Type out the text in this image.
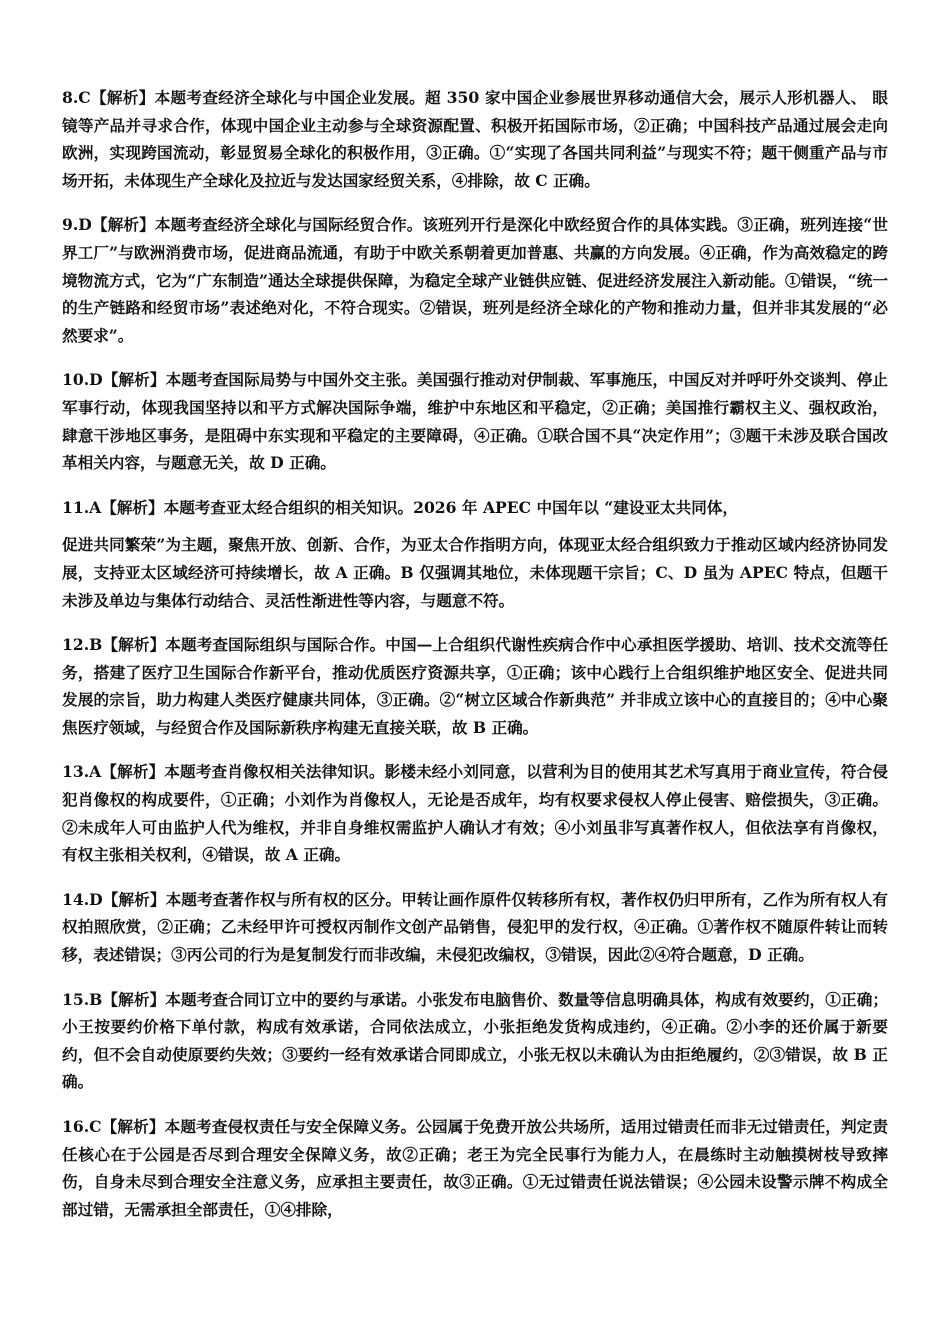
8.C【解析】本题考查经济全球化与中国企业发展。超 350 家中国企业参展世界移动通信大会，展示人形机器人、 眼镜等产品并寻求合作，体现中国企业主动参与全球资源配置、积极开拓国际市场，②正确；中国科技产品通过展会走向欧洲，实现跨国流动，彰显贸易全球化的积极作用，③正确。①“实现了各国共同利益”与现实不符；题干侧重产品与市场开拓，未体现生产全球化及拉近与发达国家经贸关系，④排除，故 C 正确。

9.D【解析】本题考查经济全球化与国际经贸合作。该班列开行是深化中欧经贸合作的具体实践。③正确，班列连接“世界工厂”与欧洲消费市场，促进商品流通，有助于中欧关系朝着更加普惠、共赢的方向发展。④正确，作为高效稳定的跨境物流方式，它为“广东制造”通达全球提供保障，为稳定全球产业链供应链、促进经济发展注入新动能。①错误，“统一的生产链路和经贸市场”表述绝对化，不符合现实。②错误，班列是经济全球化的产物和推动力量，但并非其发展的“必然要求”。

10.D【解析】本题考查国际局势与中国外交主张。美国强行推动对伊制裁、军事施压，中国反对并呼吁外交谈判、停止军事行动，体现我国坚持以和平方式解决国际争端，维护中东地区和平稳定，②正确；美国推行霸权主义、强权政治， 肆意干涉地区事务，是阻碍中东实现和平稳定的主要障碍，④正确。①联合国不具“决定作用”；③题干未涉及联合国改革相关内容，与题意无关，故 D 正确。

11.A【解析】本题考查亚太经合组织的相关知识。2026 年 APEC 中国年以 “建设亚太共同体，

促进共同繁荣”为主题，聚焦开放、创新、合作，为亚太合作指明方向，体现亚太经合组织致力于推动区域内经济协同发展，支持亚太区域经济可持续增长，故 A 正确。B 仅强调其地位，未体现题干宗旨；C、D 虽为 APEC 特点，但题干未涉及单边与集体行动结合、灵活性渐进性等内容，与题意不符。

12.B【解析】本题考查国际组织与国际合作。中国—上合组织代谢性疾病合作中心承担医学援助、培训、技术交流等任务，搭建了医疗卫生国际合作新平台，推动优质医疗资源共享，①正确；该中心践行上合组织维护地区安全、促进共同发展的宗旨，助力构建人类医疗健康共同体，③正确。②“树立区域合作新典范” 并非成立该中心的直接目的；④中心聚焦医疗领域，与经贸合作及国际新秩序构建无直接关联，故 B 正确。

13.A【解析】本题考查肖像权相关法律知识。影楼未经小刘同意，以营利为目的使用其艺术写真用于商业宣传，符合侵犯肖像权的构成要件，①正确；小刘作为肖像权人，无论是否成年，均有权要求侵权人停止侵害、赔偿损失，③正确。②未成年人可由监护人代为维权，并非自身维权需监护人确认才有效；④小刘虽非写真著作权人，但依法享有肖像权，有权主张相关权利，④错误，故 A 正确。

14.D【解析】本题考查著作权与所有权的区分。甲转让画作原件仅转移所有权，著作权仍归甲所有，乙作为所有权人有权拍照欣赏，②正确；乙未经甲许可授权丙制作文创产品销售，侵犯甲的发行权，④正确。①著作权不随原件转让而转移，表述错误；③丙公司的行为是复制发行而非改编，未侵犯改编权，③错误，因此②④符合题意，D 正确。

15.B【解析】本题考查合同订立中的要约与承诺。小张发布电脑售价、数量等信息明确具体，构成有效要约，①正确；小王按要约价格下单付款，构成有效承诺，合同依法成立，小张拒绝发货构成违约，④正确。②小李的还价属于新要约，但不会自动使原要约失效；③要约一经有效承诺合同即成立，小张无权以未确认为由拒绝履约，②③错误，故 B 正确。

16.C【解析】本题考查侵权责任与安全保障义务。公园属于免费开放公共场所，适用过错责任而非无过错责任，判定责任核心在于公园是否尽到合理安全保障义务，故②正确；老王为完全民事行为能力人，在晨练时主动触摸树枝导致摔伤，自身未尽到合理安全注意义务，应承担主要责任，故③正确。①无过错责任说法错误；④公园未设警示牌不构成全部过错，无需承担全部责任，①④排除，
